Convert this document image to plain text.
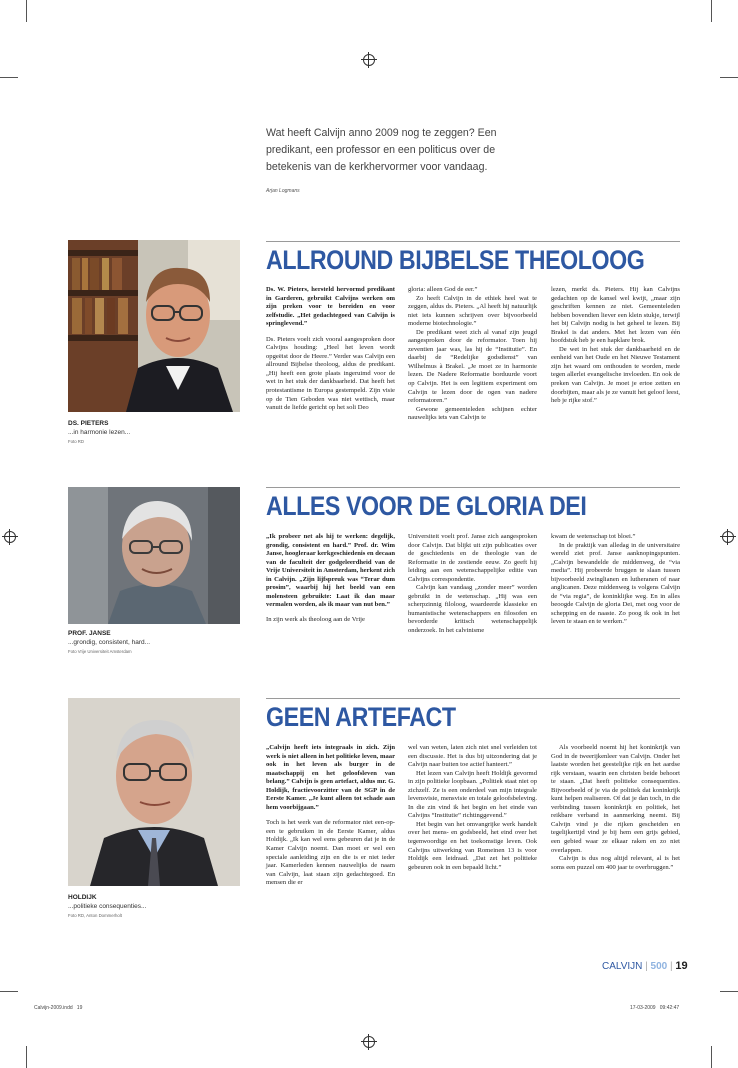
Wat heeft Calvijn anno 2009 nog te zeggen? Een predikant, een professor en een politicus over de betekenis van de kerkhervormer voor vandaag.
Arjan Logmans
DS. PIETERS
...in harmonie lezen...
Foto RD
ALLROUND BIJBELSE THEOLOOG

Ds. W. Pieters, hersteld hervormd predikant in Garderen, gebruikt Calvijns werken om zijn preken voor te bereiden en voor zelfstudie. „Het gedachtegoed van Calvijn is springlevend.”

Ds. Pieters voelt zich vooral aangesproken door Calvijns houding: „Heel het leven wordt opgeëist door de Heere.” Verder was Calvijn een allround Bijbelse theoloog, aldus de predikant. „Hij heeft een grote plaats ingeruimd voor de wet in het stuk der dankbaarheid. Dat heeft het protestantisme in Europa gestempeld. Zijn visie op de Tien Geboden was niet wettisch, maar vanuit de liefde gericht op het soli Deo

gloria: alleen God de eer.”

Zo heeft Calvijn in de ethiek heel wat te zeggen, aldus ds. Pieters. „Al heeft hij natuurlijk niet iets kunnen schrijven over bijvoorbeeld moderne biotechnologie.”

De predikant weet zich al vanaf zijn jeugd aangesproken door de reformator. Toen hij zeventien jaar was, las hij de “Institutie”. En daarbij de “Redelijke godsdienst” van Wilhelmus à Brakel. „Je moet ze in harmonie lezen. De Nadere Reformatie borduurde voort op Calvijn. Het is een legitiem experiment om Calvijn te lezen door de ogen van nadere reformatoren.”

Gewone gemeenteleden schijnen echter nauwelijks iets van Calvijn te

lezen, merkt ds. Pieters. Hij kan Calvijns gedachten op de kansel wel kwijt, „maar zijn geschriften kennen ze niet. Gemeenteleden hebben bovendien liever een klein stukje, terwijl het bij Calvijn nodig is het geheel te lezen. Bij Brakel is dat anders. Met het lezen van één hoofdstuk heb je een hapklare brok.

De wet in het stuk der dankbaarheid en de eenheid van het Oude en het Nieuwe Testament zijn het waard om onthouden te worden, mede tegen allerlei evangelische invloeden. En ook de preken van Calvijn. Je moet je ertoe zetten en doorbijten, maar als je ze vanuit het geloof leest, heb je rijke stof.”

PROF. JANSE
...grondig, consistent, hard...
Foto Vrije Universiteit Amsterdam
ALLES VOOR DE GLORIA DEI

„Ik probeer net als hij te werken: degelijk, grondig, consistent en hard.” Prof. dr. Wim Janse, hoogleraar kerkgeschiedenis en decaan van de faculteit der godgeleerdheid van de Vrije Universiteit in Amsterdam, herkent zich in Calvijn. „Zijn lijfspreuk was “Terar dum prosim”, waarbij hij het beeld van een molensteen gebruikte: Laat ik dan maar vermalen worden, als ik maar van nut ben.”

In zijn werk als theoloog aan de Vrije

Universiteit voelt prof. Janse zich aangesproken door Calvijn. Dat blijkt uit zijn publicaties over de geschiedenis en de theologie van de Reformatie in de zestiende eeuw. Zo geeft hij leiding aan een wetenschappelijke editie van Calvijns correspondentie.

Calvijn kan vandaag „zonder meer” worden gebruikt in de wetenschap. „Hij was een scherpzinnig filoloog, waardeerde klassieke en humanistische wetenschappers en filosofen en bevorderde kritisch wetenschappelijk onderzoek. In het calvinisme

kwam de wetenschap tot bloei.”

In de praktijk van alledag in de universitaire wereld ziet prof. Janse aanknopingspunten. „Calvijn bewandelde de middenweg, de “via media”. Hij probeerde bruggen te slaan tussen bijvoorbeeld zwinglianen en lutheranen of naar anglicanen. Deze middenweg is volgens Calvijn de “via regia”, de koninklijke weg. En in alles beoogde Calvijn de gloria Dei, met oog voor de schepping en de naaste. Zo poog ik ook in het leven te staan en te werken.”

HOLDIJK
...politieke consequenties...
Foto RD, Anton Dommerholt
GEEN ARTEFACT

„Calvijn heeft iets integraals in zich. Zijn werk is niet alleen in het politieke leven, maar ook in het leven als burger in de maatschappij en het geloofsleven van belang.” Calvijn is geen artefact, aldus mr. G. Holdijk, fractievoorzitter van de SGP in de Eerste Kamer. „Je kunt alleen tot schade aan hem voorbijgaan.”

Toch is het werk van de reformator niet een-op-een te gebruiken in de Eerste Kamer, aldus Holdijk. „Ik kan wel eens gebeuren dat je in de Kamer Calvijn noemt. Dan moet er wel een speciale aanleiding zijn en die is er niet ieder jaar. Kamerleden kennen nauwelijks de naam van Calvijn, laat staan zijn gedachtegoed. En mensen die er

wel van weten, laten zich niet snel verleiden tot een discussie. Het is dus bij uitzondering dat je Calvijn naar buiten toe actief hanteert.”

Het lezen van Calvijn heeft Holdijk gevormd in zijn politieke loopbaan. „Politiek staat niet op zichzelf. Ze is een onderdeel van mijn integrale levensvisie, mensvisie en totale geloofsbeleving. In die zin vind ik het begin en het einde van Calvijns “Institutie” richtinggevend.”

Het begin van het omvangrijke werk handelt over het mens- en godsbeeld, het eind over het tegenwoordige en het toekomstige leven. Ook Calvijns uitwerking van Romeinen 13 is voor Holdijk een leidraad. „Dat zet het politieke gebeuren ook in een bepaald licht.”

Als voorbeeld noemt hij het koninkrijk van God in de tweerijkenleer van Calvijn. Onder het laatste worden het geestelijke rijk en het aardse rijk verstaan, waarin een christen beide behoort te staan. „Dat heeft politieke consequenties. Bijvoorbeeld of je via de politiek dat koninkrijk kunt helpen realiseren. Of dat je dan toch, in die verbinding tussen koninkrijk en politiek, het reikbare verband in aanmerking neemt. Bij Calvijn vind je die rijken gescheiden en tegelijkertijd vind je bij hem een grijs gebied, een gebied waar ze elkaar raken en zo niet overlappen.

Calvijn is dus nog altijd relevant, al is het soms een puzzel om 400 jaar te overbruggen.”

CALVIJN | 500 | 19
Calvijn-2009.indd   19	17-03-2009   09:42:47
